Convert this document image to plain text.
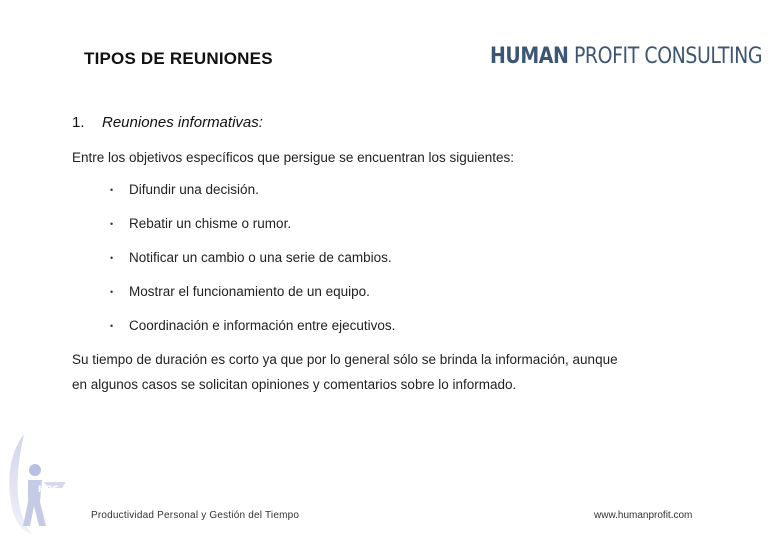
TIPOS DE REUNIONES	HUMAN PROFIT CONSULTING
1. Reuniones informativas:
Entre los objetivos específicos que persigue se encuentran los siguientes:
•	Difundir una decisión.
•	Rebatir un chisme o rumor.
•	Notificar un cambio o una serie de cambios.
•	Mostrar el funcionamiento de un equipo.
•	Coordinación e información entre ejecutivos.
Su tiempo de duración es corto ya que por lo general sólo se brinda la información, aunque
en algunos casos se solicitan opiniones y comentarios sobre lo informado.
HPC
Productividad Personal y Gestión del Tiempo	www.humanprofit.com
